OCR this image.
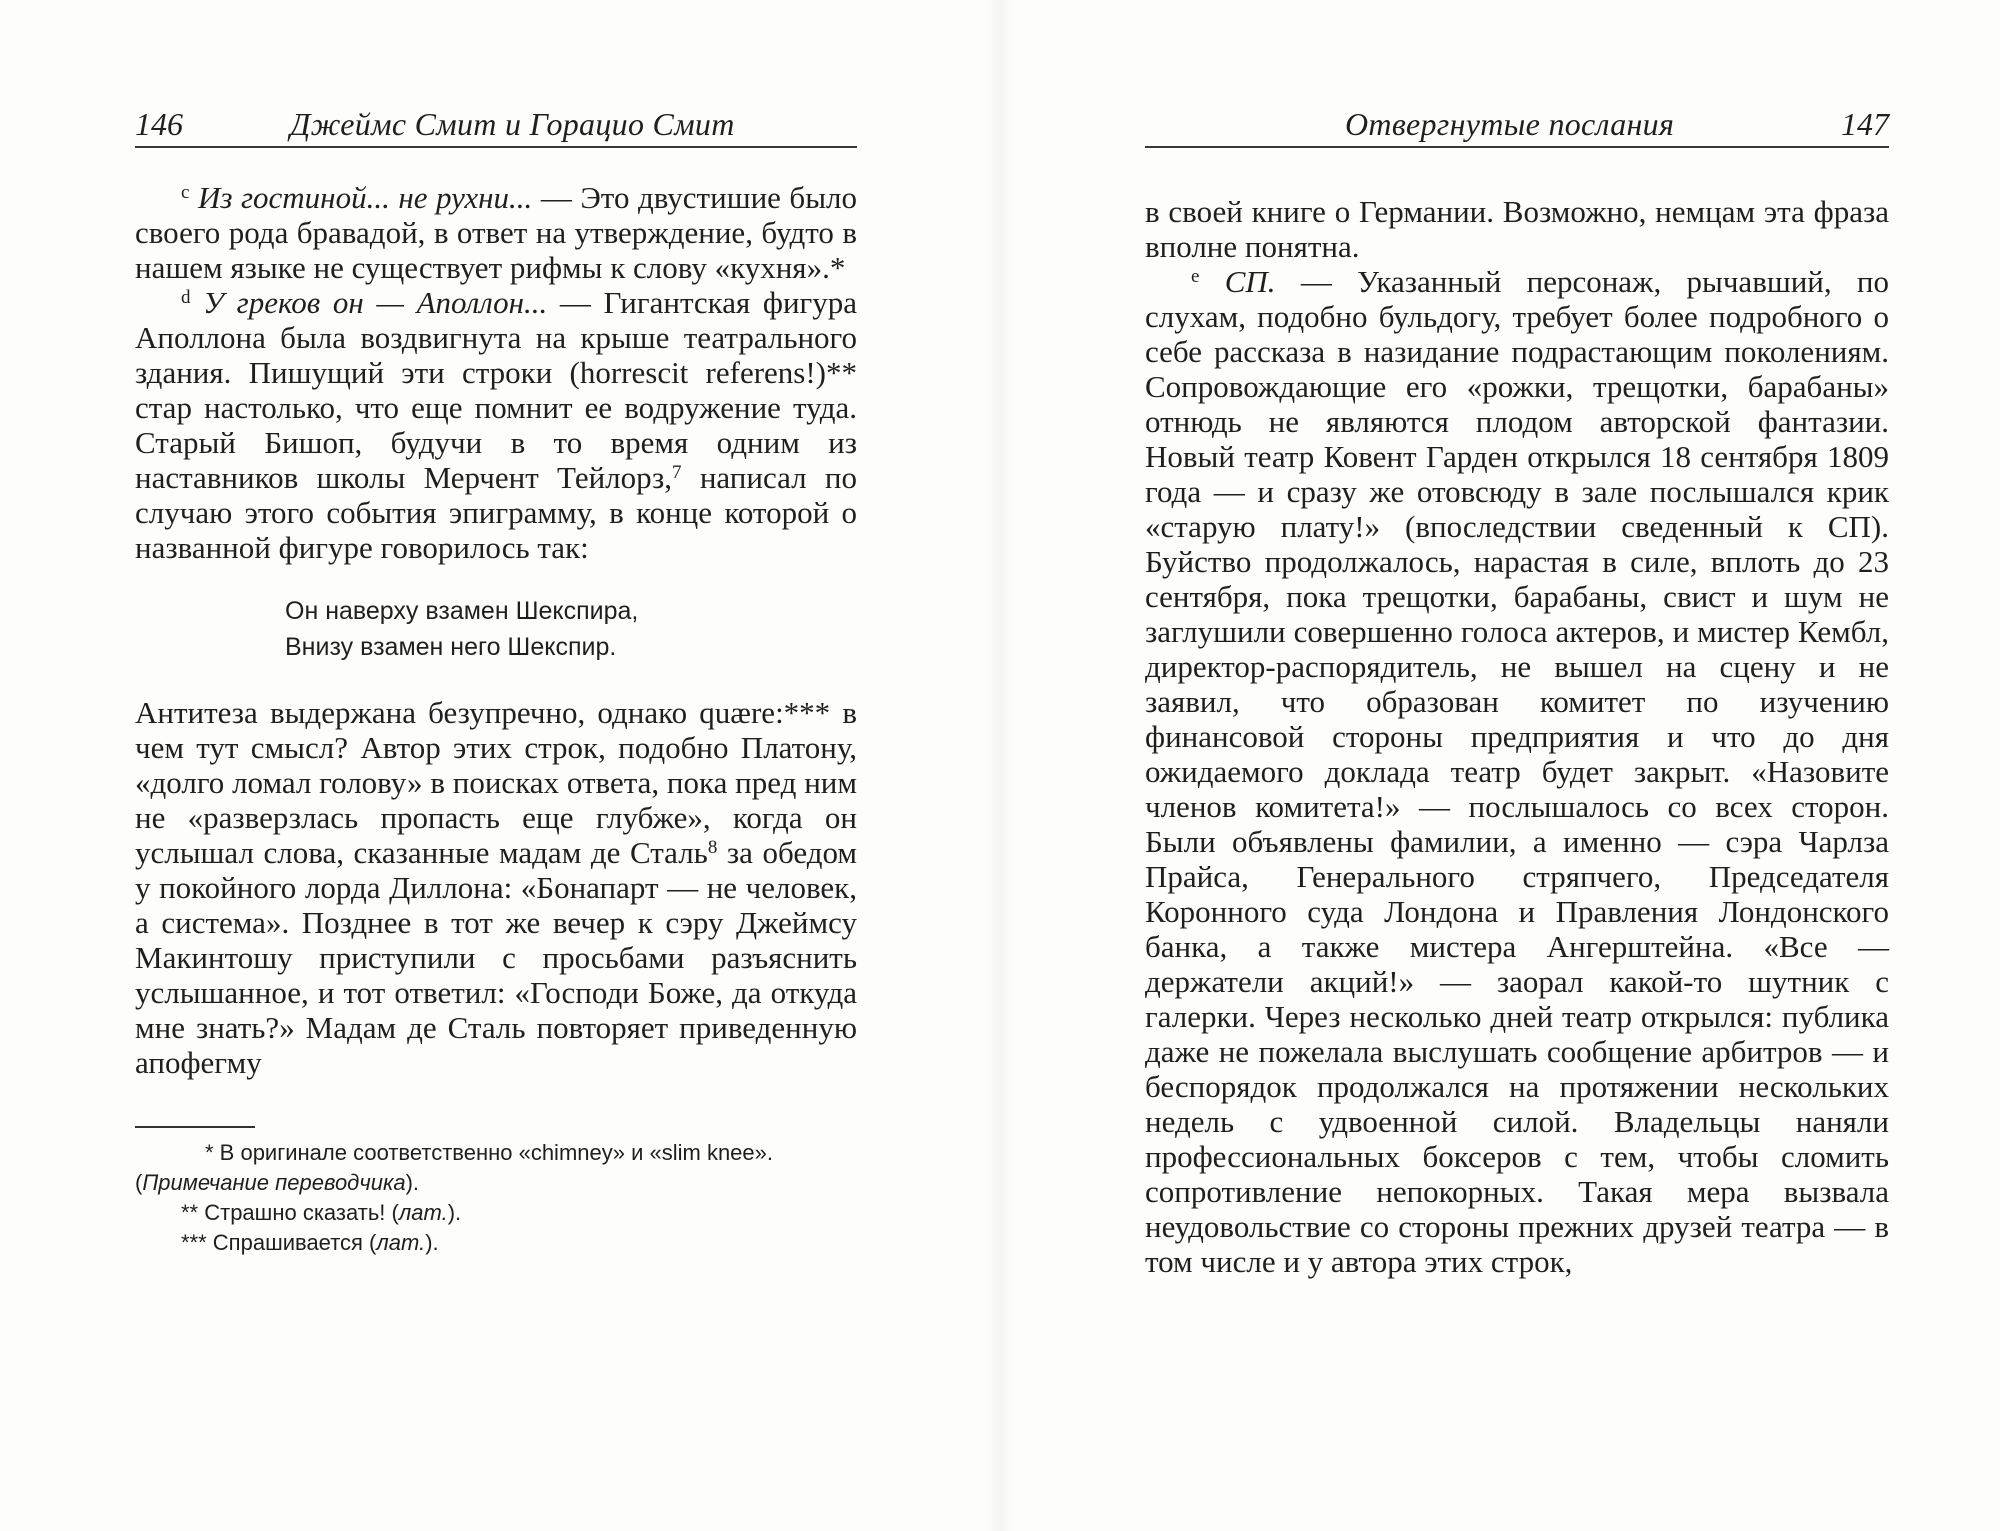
146	Джеймс Смит и Горацио Смит

$^c$ Из гостиной... не рухни... — Это двустишие было своего рода бравадой, в ответ на утверждение, будто в нашем языке не существует рифмы к слову «кухня».*

$^d$ У греков он — Аполлон... — Гигантская фигура Аполлона была воздвигнута на крыше театрального здания. Пишущий эти строки (horrescit referens!)** стар настолько, что еще помнит ее водружение туда. Старый Бишоп, будучи в то время одним из наставников школы Мерчент Тейлорз,$^7$ написал по случаю этого события эпиграмму, в конце которой о названной фигуре говорилось так:

Он наверху взамен Шекспира,
Внизу взамен него Шекспир.

Антитеза выдержана безупречно, однако quære:*** в чем тут смысл? Автор этих строк, подобно Платону, «долго ломал голову» в поисках ответа, пока пред ним не «разверзлась пропасть еще глубже», когда он услышал слова, сказанные мадам де Сталь$^8$ за обедом у покойного лорда Диллона: «Бонапарт — не человек, а система». Позднее в тот же вечер к сэру Джеймсу Макинтошу приступили с просьбами разъяснить услышанное, и тот ответил: «Господи Боже, да откуда мне знать?» Мадам де Сталь повторяет приведенную апофегму

* В оригинале соответственно «chimney» и «slim knee». (Примечание переводчика).

** Страшно сказать! (лат.).

*** Спрашивается (лат.).

Отвергнутые послания	147

в своей книге о Германии. Возможно, немцам эта фраза вполне понятна.

$^e$ СП. — Указанный персонаж, рычавший, по слухам, подобно бульдогу, требует более подробного о себе рассказа в назидание подрастающим поколениям. Сопровождающие его «рожки, трещотки, барабаны» отнюдь не являются плодом авторской фантазии. Новый театр Ковент Гарден открылся 18 сентября 1809 года — и сразу же отовсюду в зале послышался крик «старую плату!» (впоследствии сведенный к СП). Буйство продолжалось, нарастая в силе, вплоть до 23 сентября, пока трещотки, барабаны, свист и шум не заглушили совершенно голоса актеров, и мистер Кембл, директор-распорядитель, не вышел на сцену и не заявил, что образован комитет по изучению финансовой стороны предприятия и что до дня ожидаемого доклада театр будет закрыт. «Назовите членов комитета!» — послышалось со всех сторон. Были объявлены фамилии, а именно — сэра Чарлза Прайса, Генерального стряпчего, Председателя Коронного суда Лондона и Правления Лондонского банка, а также мистера Ангерштейна. «Все — держатели акций!» — заорал какой-то шутник с галерки. Через несколько дней театр открылся: публика даже не пожелала выслушать сообщение арбитров — и беспорядок продолжался на протяжении нескольких недель с удвоенной силой. Владельцы наняли профессиональных боксеров с тем, чтобы сломить сопротивление непокорных. Такая мера вызвала неудовольствие со стороны прежних друзей театра — в том числе и у автора этих строк,
